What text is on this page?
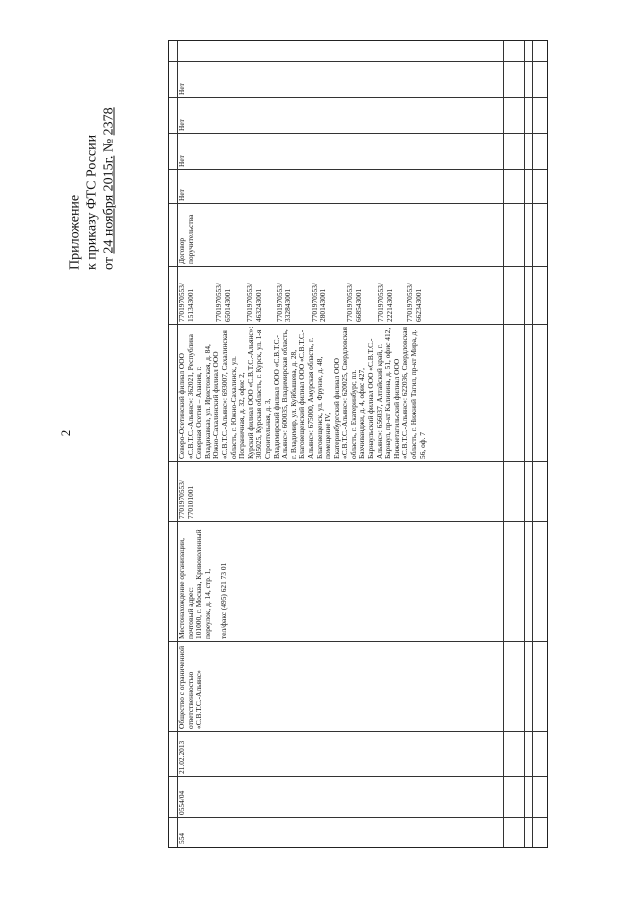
2
Приложение к приказу ФТС России от 24 ноября 2015г. № 2378
554
0554/04
21.02.2013
Общество с ограниченной ответственностью «С.В.Т.С.-Альянс»
Местонахождение организации, почтовый адрес: 101000, г. Москва, Кривоколенный переулок, д. 14, стр. 1, тел/факс (495) 621 73 01
7701970553/ 770101001

Северо-Осетинский филиал ООО «С.В.Т.С.-Альянс»: 362021, Республика Северная Осетия – Алания, г. Владикавказ, ул. Иристонская, д. 84, Южно-Сахалинский филиал ООО «С.В.Т.С.-Альянс»: 693007, Сахалинская область, г. Южно-Сахалинск, ул. Пограничная, д. 32, офис 2, Курский филиал ООО «С.В.Т.С.-Альянс»: 305025, Курская область, г. Курск, ул. 1-я Строительная, д. 3, Владимирский филиал ООО «С.В.Т.С.-Альянс»: 600035, Владимирская область, г. Владимир, ул. Куйбышева, д. 28, Благовещенский филиал ООО «С.В.Т.С.-Альянс»: 675000, Амурская область, г. Благовещенск, ул. Фрунзе, д. 48, помещение IV, Екатеринбургский филиал ООО «С.В.Т.С.-Альянс»: 620025, Свердловская область, г. Екатеринбург, пл. Бахчиванджи, д. 4, офис 427, Барнаульский филиал ООО «С.В.Т.С.-Альянс»: 656037, Алтайский край, г. Барнаул, пр-кт Калинина, д. 51, офис 412, Нижнетагильский филиал ООО «С.В.Т.С.-Альянс»: 622036, Свердловская область, г. Нижний Тагил, пр-кт Мира, д. 56, оф. 7

7701970553/ 151343001	7701970553/ 650143001 7701970553/ 463243001 7701970553/ 332843001 7701970553/ 280143001 7701970553/ 668543001 7701970553/ 222143001 7701970553/ 662343001
Договор поручительства
Нет
Нет
Нет
Нет
